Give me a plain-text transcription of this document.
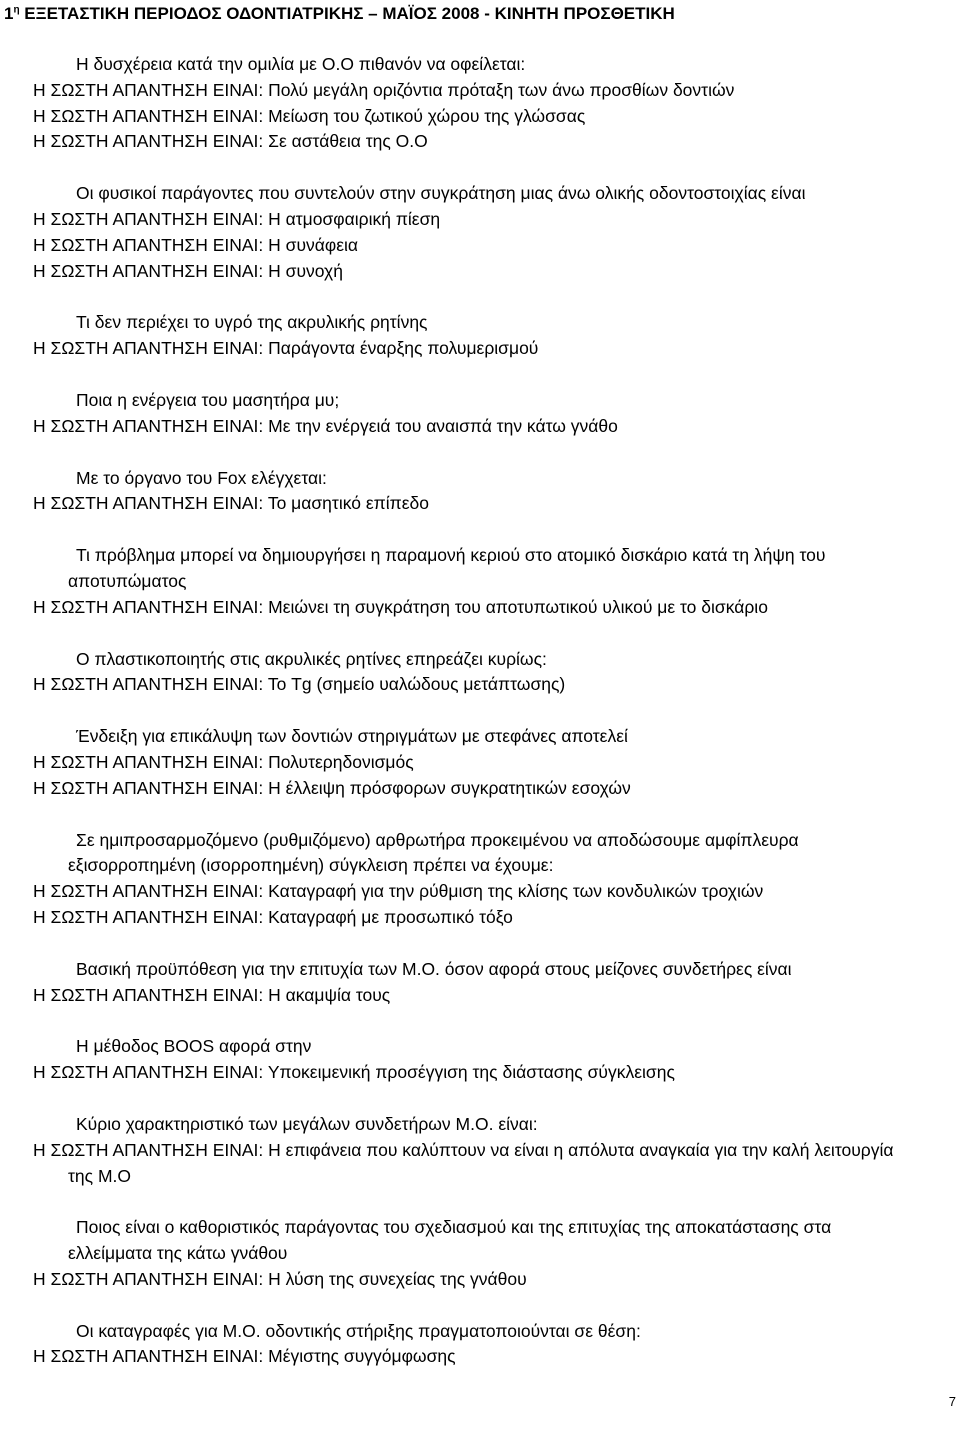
$1^\eta$ ΕΞΕΤΑΣΤΙΚΗ ΠΕΡΙΟΔΟΣ ΟΔΟΝΤΙΑΤΡΙΚΗΣ – ΜΑΪΟΣ 2008 - ΚΙΝΗΤΗ ΠΡΟΣΘΕΤΙΚΗ
Η δυσχέρεια κατά την ομιλία με Ο.Ο πιθανόν να οφείλεται:
Η ΣΩΣΤΗ ΑΠΑΝΤΗΣΗ ΕΙΝΑΙ: Πολύ μεγάλη οριζόντια πρόταξη των άνω προσθίων δοντιών
Η ΣΩΣΤΗ ΑΠΑΝΤΗΣΗ ΕΙΝΑΙ: Μείωση του ζωτικού χώρου της γλώσσας
Η ΣΩΣΤΗ ΑΠΑΝΤΗΣΗ ΕΙΝΑΙ: Σε αστάθεια της Ο.Ο
Οι φυσικοί παράγοντες που συντελούν στην συγκράτηση μιας άνω ολικής οδοντοστοιχίας είναι
Η ΣΩΣΤΗ ΑΠΑΝΤΗΣΗ ΕΙΝΑΙ: Η ατμοσφαιρική πίεση
Η ΣΩΣΤΗ ΑΠΑΝΤΗΣΗ ΕΙΝΑΙ: Η συνάφεια
Η ΣΩΣΤΗ ΑΠΑΝΤΗΣΗ ΕΙΝΑΙ: Η συνοχή
Τι δεν περιέχει το υγρό της ακρυλικής ρητίνης
Η ΣΩΣΤΗ ΑΠΑΝΤΗΣΗ ΕΙΝΑΙ: Παράγοντα έναρξης πολυμερισμού
Ποια η ενέργεια του μασητήρα μυ;
Η ΣΩΣΤΗ ΑΠΑΝΤΗΣΗ ΕΙΝΑΙ: Με την ενέργειά του αναισπά την κάτω γνάθο
Με το όργανο του Fox ελέγχεται:
Η ΣΩΣΤΗ ΑΠΑΝΤΗΣΗ ΕΙΝΑΙ: Το μασητικό επίπεδο
Τι πρόβλημα μπορεί να δημιουργήσει η παραμονή κεριού στο ατομικό δισκάριο κατά τη λήψη του
αποτυπώματος
Η ΣΩΣΤΗ ΑΠΑΝΤΗΣΗ ΕΙΝΑΙ: Μειώνει τη συγκράτηση του αποτυπωτικού υλικού με το δισκάριο
Ο πλαστικοποιητής στις ακρυλικές ρητίνες επηρεάζει κυρίως:
Η ΣΩΣΤΗ ΑΠΑΝΤΗΣΗ ΕΙΝΑΙ: Το Tg (σημείο υαλώδους μετάπτωσης)
Ένδειξη για επικάλυψη των δοντιών στηριγμάτων με στεφάνες αποτελεί
Η ΣΩΣΤΗ ΑΠΑΝΤΗΣΗ ΕΙΝΑΙ: Πολυτερηδονισμός
Η ΣΩΣΤΗ ΑΠΑΝΤΗΣΗ ΕΙΝΑΙ: Η έλλειψη πρόσφορων συγκρατητικών εσοχών
Σε ημιπροσαρμοζόμενο (ρυθμιζόμενο) αρθρωτήρα προκειμένου να αποδώσουμε αμφίπλευρα
εξισορροπημένη (ισορροπημένη) σύγκλειση πρέπει να έχουμε:
Η ΣΩΣΤΗ ΑΠΑΝΤΗΣΗ ΕΙΝΑΙ: Καταγραφή για την ρύθμιση της κλίσης των κονδυλικών τροχιών
Η ΣΩΣΤΗ ΑΠΑΝΤΗΣΗ ΕΙΝΑΙ: Καταγραφή με προσωπικό τόξο
Βασική προϋπόθεση για την επιτυχία των Μ.Ο. όσον αφορά στους μείζονες συνδετήρες είναι
Η ΣΩΣΤΗ ΑΠΑΝΤΗΣΗ ΕΙΝΑΙ: Η ακαμψία τους
Η μέθοδος BOOS αφορά στην
Η ΣΩΣΤΗ ΑΠΑΝΤΗΣΗ ΕΙΝΑΙ: Υποκειμενική προσέγγιση της διάστασης σύγκλεισης
Κύριο χαρακτηριστικό των μεγάλων συνδετήρων Μ.Ο. είναι:
Η ΣΩΣΤΗ ΑΠΑΝΤΗΣΗ ΕΙΝΑΙ: Η επιφάνεια που καλύπτουν να είναι η απόλυτα αναγκαία για την καλή λειτουργία
της Μ.Ο
Ποιος είναι ο καθοριστικός παράγοντας του σχεδιασμού και της επιτυχίας της αποκατάστασης στα
ελλείμματα της κάτω γνάθου
Η ΣΩΣΤΗ ΑΠΑΝΤΗΣΗ ΕΙΝΑΙ: Η λύση της συνεχείας της γνάθου
Οι καταγραφές για Μ.Ο. οδοντικής στήριξης πραγματοποιούνται σε θέση:
Η ΣΩΣΤΗ ΑΠΑΝΤΗΣΗ ΕΙΝΑΙ: Μέγιστης συγγόμφωσης
7
